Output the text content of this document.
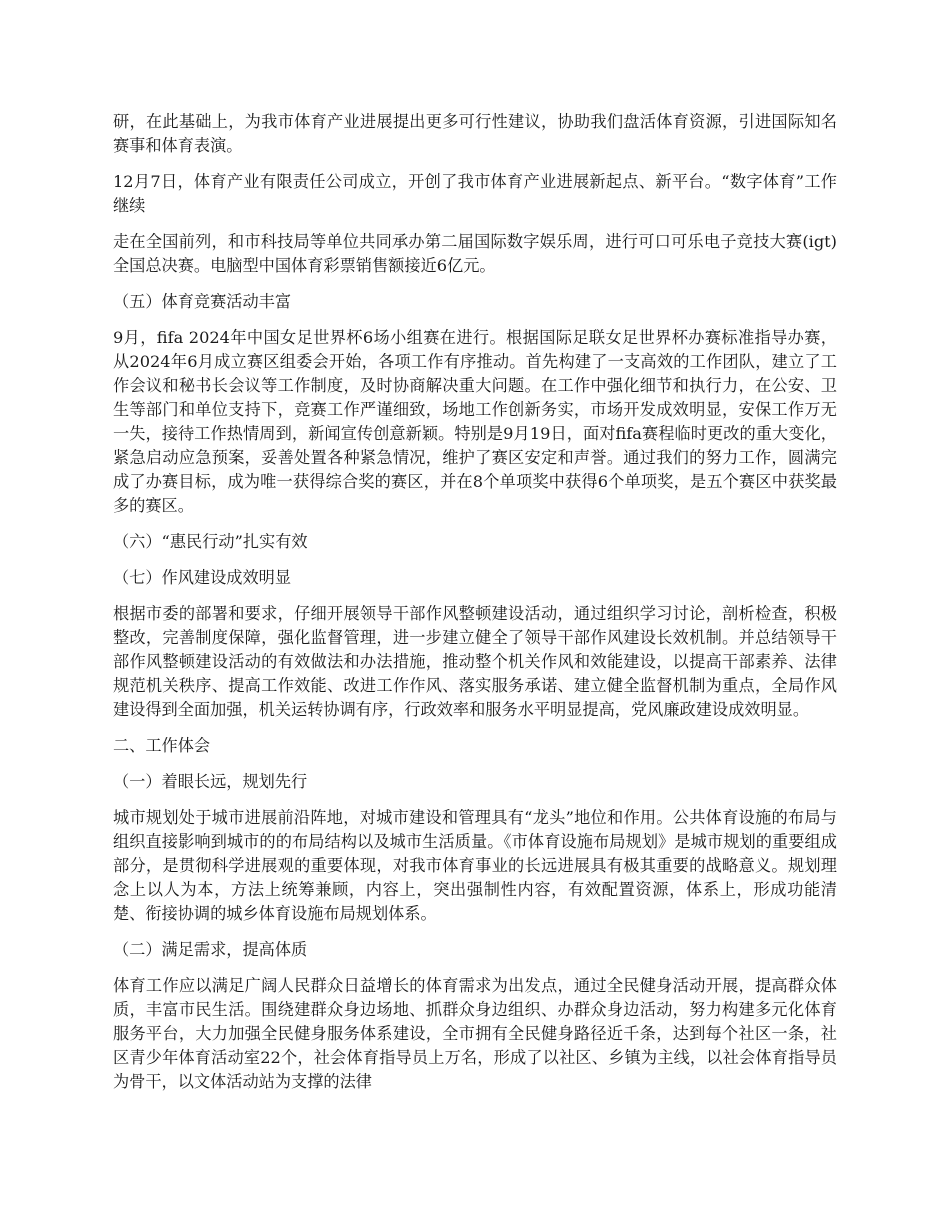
研，在此基础上，为我市体育产业进展提出更多可行性建议，协助我们盘活体育资源，引进国际知名赛事和体育表演。

12月7日，体育产业有限责任公司成立，开创了我市体育产业进展新起点、新平台。“数字体育”工作继续

走在全国前列，和市科技局等单位共同承办第二届国际数字娱乐周，进行可口可乐电子竞技大赛(igt)全国总决赛。电脑型中国体育彩票销售额接近6亿元。

（五）体育竞赛活动丰富

9月，fifa 2024年中国女足世界杯6场小组赛在进行。根据国际足联女足世界杯办赛标准指导办赛，从2024年6月成立赛区组委会开始，各项工作有序推动。首先构建了一支高效的工作团队，建立了工作会议和秘书长会议等工作制度，及时协商解决重大问题。在工作中强化细节和执行力，在公安、卫生等部门和单位支持下，竞赛工作严谨细致，场地工作创新务实，市场开发成效明显，安保工作万无一失，接待工作热情周到，新闻宣传创意新颖。特别是9月19日，面对fifa赛程临时更改的重大变化，紧急启动应急预案，妥善处置各种紧急情况，维护了赛区安定和声誉。通过我们的努力工作，圆满完成了办赛目标，成为唯一获得综合奖的赛区，并在8个单项奖中获得6个单项奖，是五个赛区中获奖最多的赛区。

（六）“惠民行动”扎实有效

（七）作风建设成效明显

根据市委的部署和要求，仔细开展领导干部作风整顿建设活动，通过组织学习讨论，剖析检查，积极整改，完善制度保障，强化监督管理，进一步建立健全了领导干部作风建设长效机制。并总结领导干部作风整顿建设活动的有效做法和办法措施，推动整个机关作风和效能建设，以提高干部素养、法律规范机关秩序、提高工作效能、改进工作作风、落实服务承诺、建立健全监督机制为重点，全局作风建设得到全面加强，机关运转协调有序，行政效率和服务水平明显提高，党风廉政建设成效明显。

二、工作体会

（一）着眼长远，规划先行

城市规划处于城市进展前沿阵地，对城市建设和管理具有“龙头”地位和作用。公共体育设施的布局与组织直接影响到城市的的布局结构以及城市生活质量。《市体育设施布局规划》是城市规划的重要组成部分，是贯彻科学进展观的重要体现，对我市体育事业的长远进展具有极其重要的战略意义。规划理念上以人为本，方法上统筹兼顾，内容上，突出强制性内容，有效配置资源，体系上，形成功能清楚、衔接协调的城乡体育设施布局规划体系。

（二）满足需求，提高体质

体育工作应以满足广阔人民群众日益增长的体育需求为出发点，通过全民健身活动开展，提高群众体质，丰富市民生活。围绕建群众身边场地、抓群众身边组织、办群众身边活动，努力构建多元化体育服务平台，大力加强全民健身服务体系建设，全市拥有全民健身路径近千条，达到每个社区一条，社区青少年体育活动室22个，社会体育指导员上万名，形成了以社区、乡镇为主线，以社会体育指导员为骨干，以文体活动站为支撑的法律
